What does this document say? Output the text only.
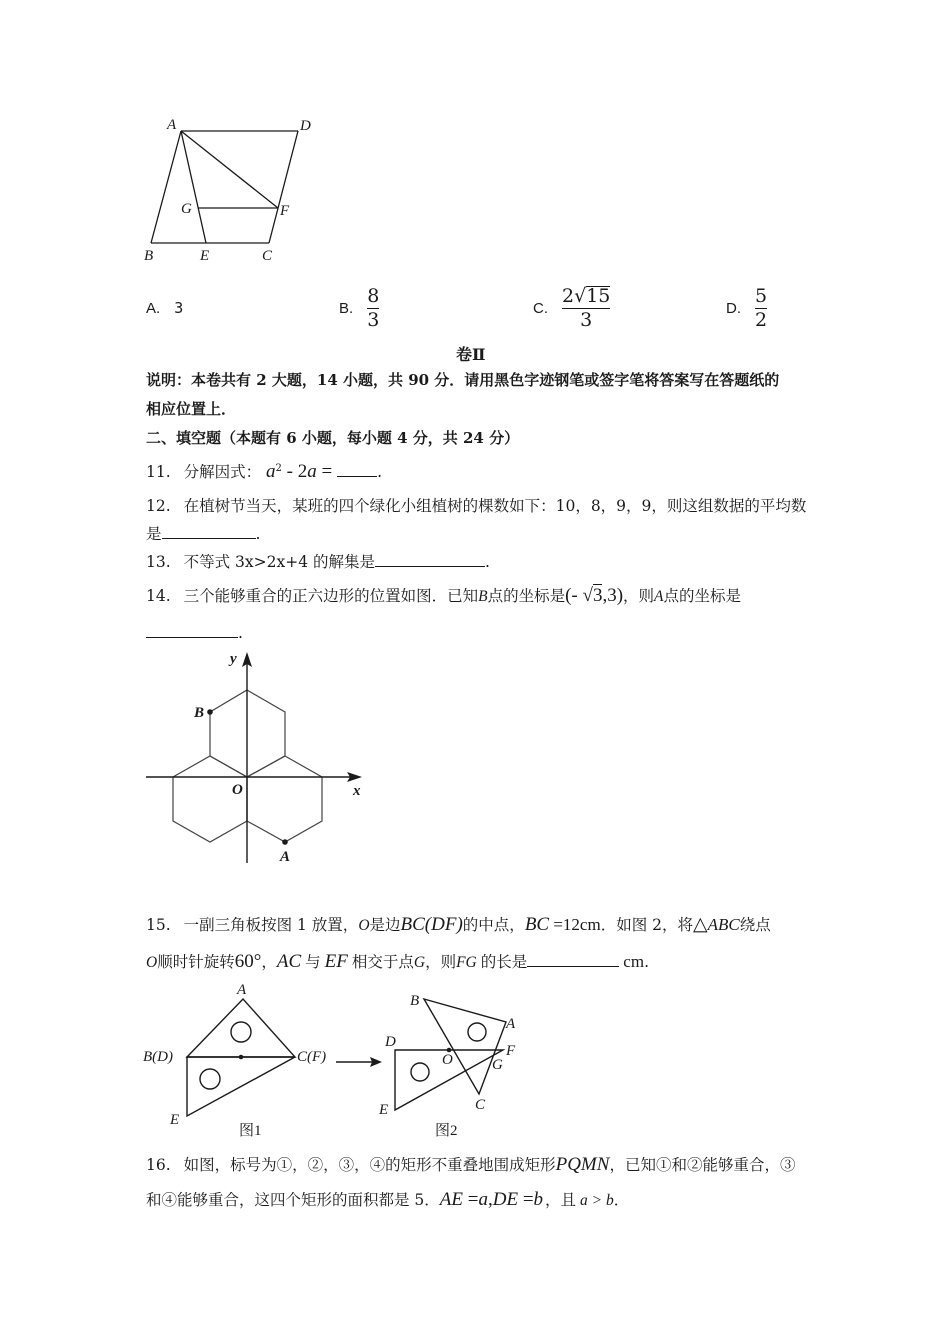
A	D
G	F
B	E	C
A. 3	B. $\frac{8}{3}$	C. $\frac{2 √ 15}{3}$	D. $\frac{5}{2}$
卷Ⅱ
说明：本卷共有 2 大题，14 小题，共 90 分．请用黑色字迹钢笔或签字笔将答案写在答题纸的
相应位置上．
二、填空题（本题有 6 小题，每小题 4 分，共 24 分）
11. 分解因式： $a^2 - 2a$ =	.
12. 在植树节当天，某班的四个绿化小组植树的棵数如下：10，8，9，9，则这组数据的平均数
是	.
13. 不等式 3x>2x+4 的解集是	.
14. 三个能够重合的正六边形的位置如图．已知B点的坐标是(- √3,3)，则A点的坐标是
.
y
x
O
B
A
15. 一副三角板按图 1 放置，O是边BC(DF)的中点，BC =12cm．如图 2，将△ABC绕点
O顺时针旋转60°，AC 与 EF 相交于点G，则FG 的长是	cm.
A
B(D)	C(F)
E
图1
B
A
D
O
F
G
E	C
图2
16. 如图，标号为①，②，③，④的矩形不重叠地围成矩形PQMN，已知①和②能够重合，③
和④能够重合，这四个矩形的面积都是 5．AE =a,DE =b ，且 a > b．
